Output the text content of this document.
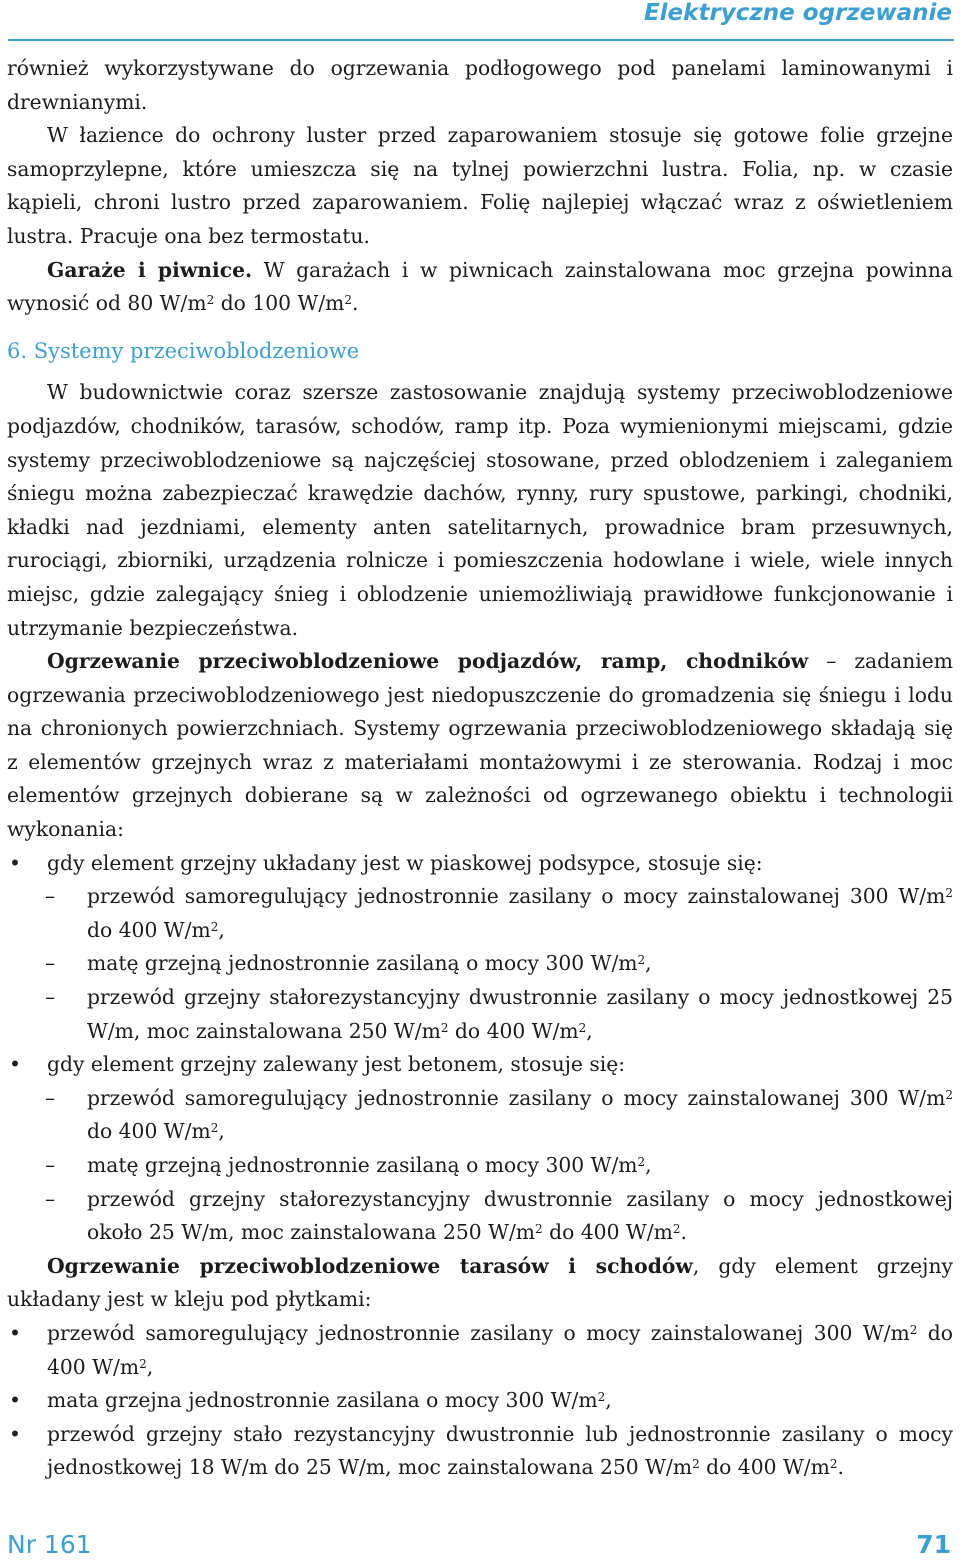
Elektryczne ogrzewanie

również wykorzystywane do ogrzewania podłogowego pod panelami laminowanymi i drewnianymi.

W łazience do ochrony luster przed zaparowaniem stosuje się gotowe folie grzejne samoprzylepne, które umieszcza się na tylnej powierzchni lustra. Folia, np. w czasie kąpieli, chroni lustro przed zaparowaniem. Folię najlepiej włączać wraz z oświetleniem lustra. Pracuje ona bez termostatu.

Garaże i piwnice. W garażach i w piwnicach zainstalowana moc grzejna powinna wynosić od 80 $W/m^2$ do 100 $W/m^2$.

6. Systemy przeciwoblodzeniowe

W budownictwie coraz szersze zastosowanie znajdują systemy przeciwoblodzeniowe podjazdów, chodników, tarasów, schodów, ramp itp. Poza wymienionymi miejscami, gdzie systemy przeciwoblodzeniowe są najczęściej stosowane, przed oblodzeniem i zaleganiem śniegu można zabezpieczać krawędzie dachów, rynny, rury spustowe, parkingi, chodniki, kładki nad jezdniami, elementy anten satelitarnych, prowadnice bram przesuwnych, rurociągi, zbiorniki, urządzenia rolnicze i pomieszczenia hodowlane i wiele, wiele innych miejsc, gdzie zalegający śnieg i oblodzenie uniemożliwiają prawidłowe funkcjonowanie i utrzymanie bezpieczeństwa.

Ogrzewanie przeciwoblodzeniowe podjazdów, ramp, chodników – zadaniem ogrzewania przeciwoblodzeniowego jest niedopuszczenie do gromadzenia się śniegu i lodu na chronionych powierzchniach. Systemy ogrzewania przeciwoblodzeniowego składają się z elementów grzejnych wraz z materiałami montażowymi i ze sterowania. Rodzaj i moc elementów grzejnych dobierane są w zależności od ogrzewanego obiektu i technologii wykonania:

• gdy element grzejny układany jest w piaskowej podsypce, stosuje się:
– przewód samoregulujący jednostronnie zasilany o mocy zainstalowanej 300 $W/m^2$ do 400 $W/m^2$,
– matę grzejną jednostronnie zasilaną o mocy 300 $W/m^2$,
– przewód grzejny stałorezystancyjny dwustronnie zasilany o mocy jednostkowej 25 W/m, moc zainstalowana 250 $W/m^2$ do 400 $W/m^2$,
• gdy element grzejny zalewany jest betonem, stosuje się:
– przewód samoregulujący jednostronnie zasilany o mocy zainstalowanej 300 $W/m^2$ do 400 $W/m^2$,
– matę grzejną jednostronnie zasilaną o mocy 300 $W/m^2$,
– przewód grzejny stałorezystancyjny dwustronnie zasilany o mocy jednostkowej około 25 W/m, moc zainstalowana 250 $W/m^2$ do 400 $W/m^2$.

Ogrzewanie przeciwoblodzeniowe tarasów i schodów, gdy element grzejny układany jest w kleju pod płytkami:

• przewód samoregulujący jednostronnie zasilany o mocy zainstalowanej 300 $W/m^2$ do 400 $W/m^2$,
• mata grzejna jednostronnie zasilana o mocy 300 $W/m^2$,
• przewód grzejny stało rezystancyjny dwustronnie lub jednostronnie zasilany o mocy jednostkowej 18 W/m do 25 W/m, moc zainstalowana 250 $W/m^2$ do 400 $W/m^2$.
Nr 161	71
